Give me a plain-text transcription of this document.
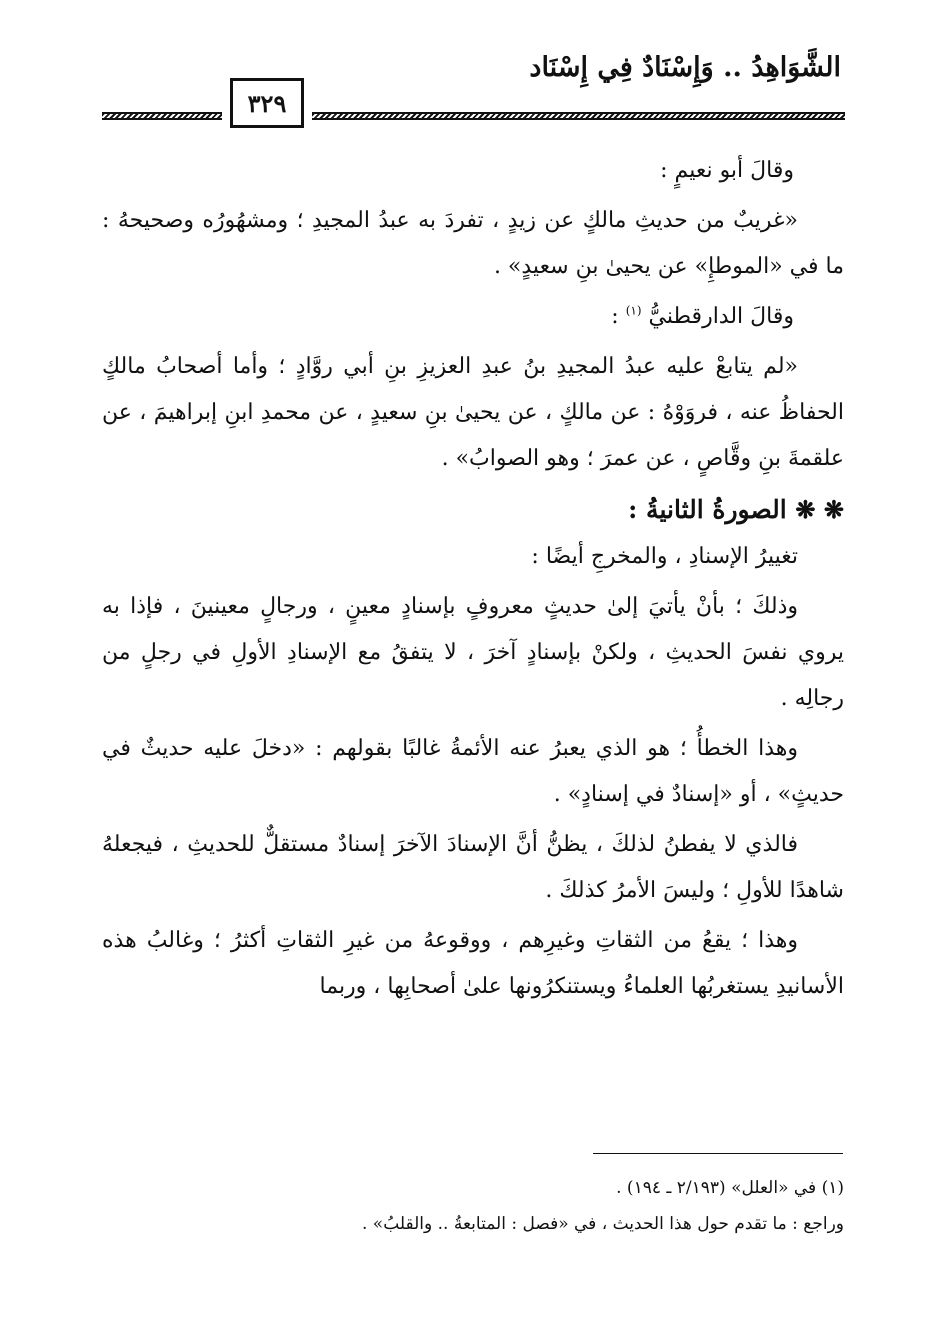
الشَّوَاهِدُ .. وَإِسْنَادٌ فِي إِسْنَاد
٣٢٩

وقالَ أبو نعيمٍ :

«غريبٌ من حديثِ مالكٍ عن زيدٍ ، تفردَ به عبدُ المجيدِ ؛ ومشهُورُه وصحيحهُ : ما في «الموطإِ» عن يحيىٰ بنِ سعيدٍ» .

وقالَ الدارقطنيُّ $^{(١)}$ :

«لم يتابعْ عليه عبدُ المجيدِ بنُ عبدِ العزيزِ بنِ أبي روَّادٍ ؛ وأما أصحابُ مالكٍ الحفاظُ عنه ، فروَوْهُ : عن مالكٍ ، عن يحيىٰ بنِ سعيدٍ ، عن محمدِ ابنِ إبراهيمَ ، عن علقمةَ بنِ وقَّاصٍ ، عن عمرَ ؛ وهو الصوابُ» .

❋ ❋ الصورةُ الثانيةُ :

تغييرُ الإسنادِ ، والمخرجِ أيضًا :

وذلكَ ؛ بأنْ يأتيَ إلىٰ حديثٍ معروفٍ بإسنادٍ معينٍ ، ورجالٍ معينينَ ، فإذا به يروي نفسَ الحديثِ ، ولكنْ بإسنادٍ آخرَ ، لا يتفقُ مع الإسنادِ الأولِ في رجلٍ من رجالِه .

وهذا الخطأُ ؛ هو الذي يعبرُ عنه الأئمةُ غالبًا بقولهم : «دخلَ عليه حديثٌ في حديثٍ» ، أو «إسنادٌ في إسنادٍ» .

فالذي لا يفطنُ لذلكَ ، يظنُّ أنَّ الإسنادَ الآخرَ إسنادٌ مستقلٌّ للحديثِ ، فيجعلهُ شاهدًا للأولِ ؛ وليسَ الأمرُ كذلكَ .

وهذا ؛ يقعُ من الثقاتِ وغيرِهم ، ووقوعهُ من غيرِ الثقاتِ أكثرُ ؛ وغالبُ هذه الأسانيدِ يستغربُها العلماءُ ويستنكرُونها علىٰ أصحابِها ، وربما

(١) في «العلل» (٢/١٩٣ ـ ١٩٤) .

وراجع : ما تقدم حول هذا الحديث ، في «فصل : المتابعةُ .. والقلبُ» .
